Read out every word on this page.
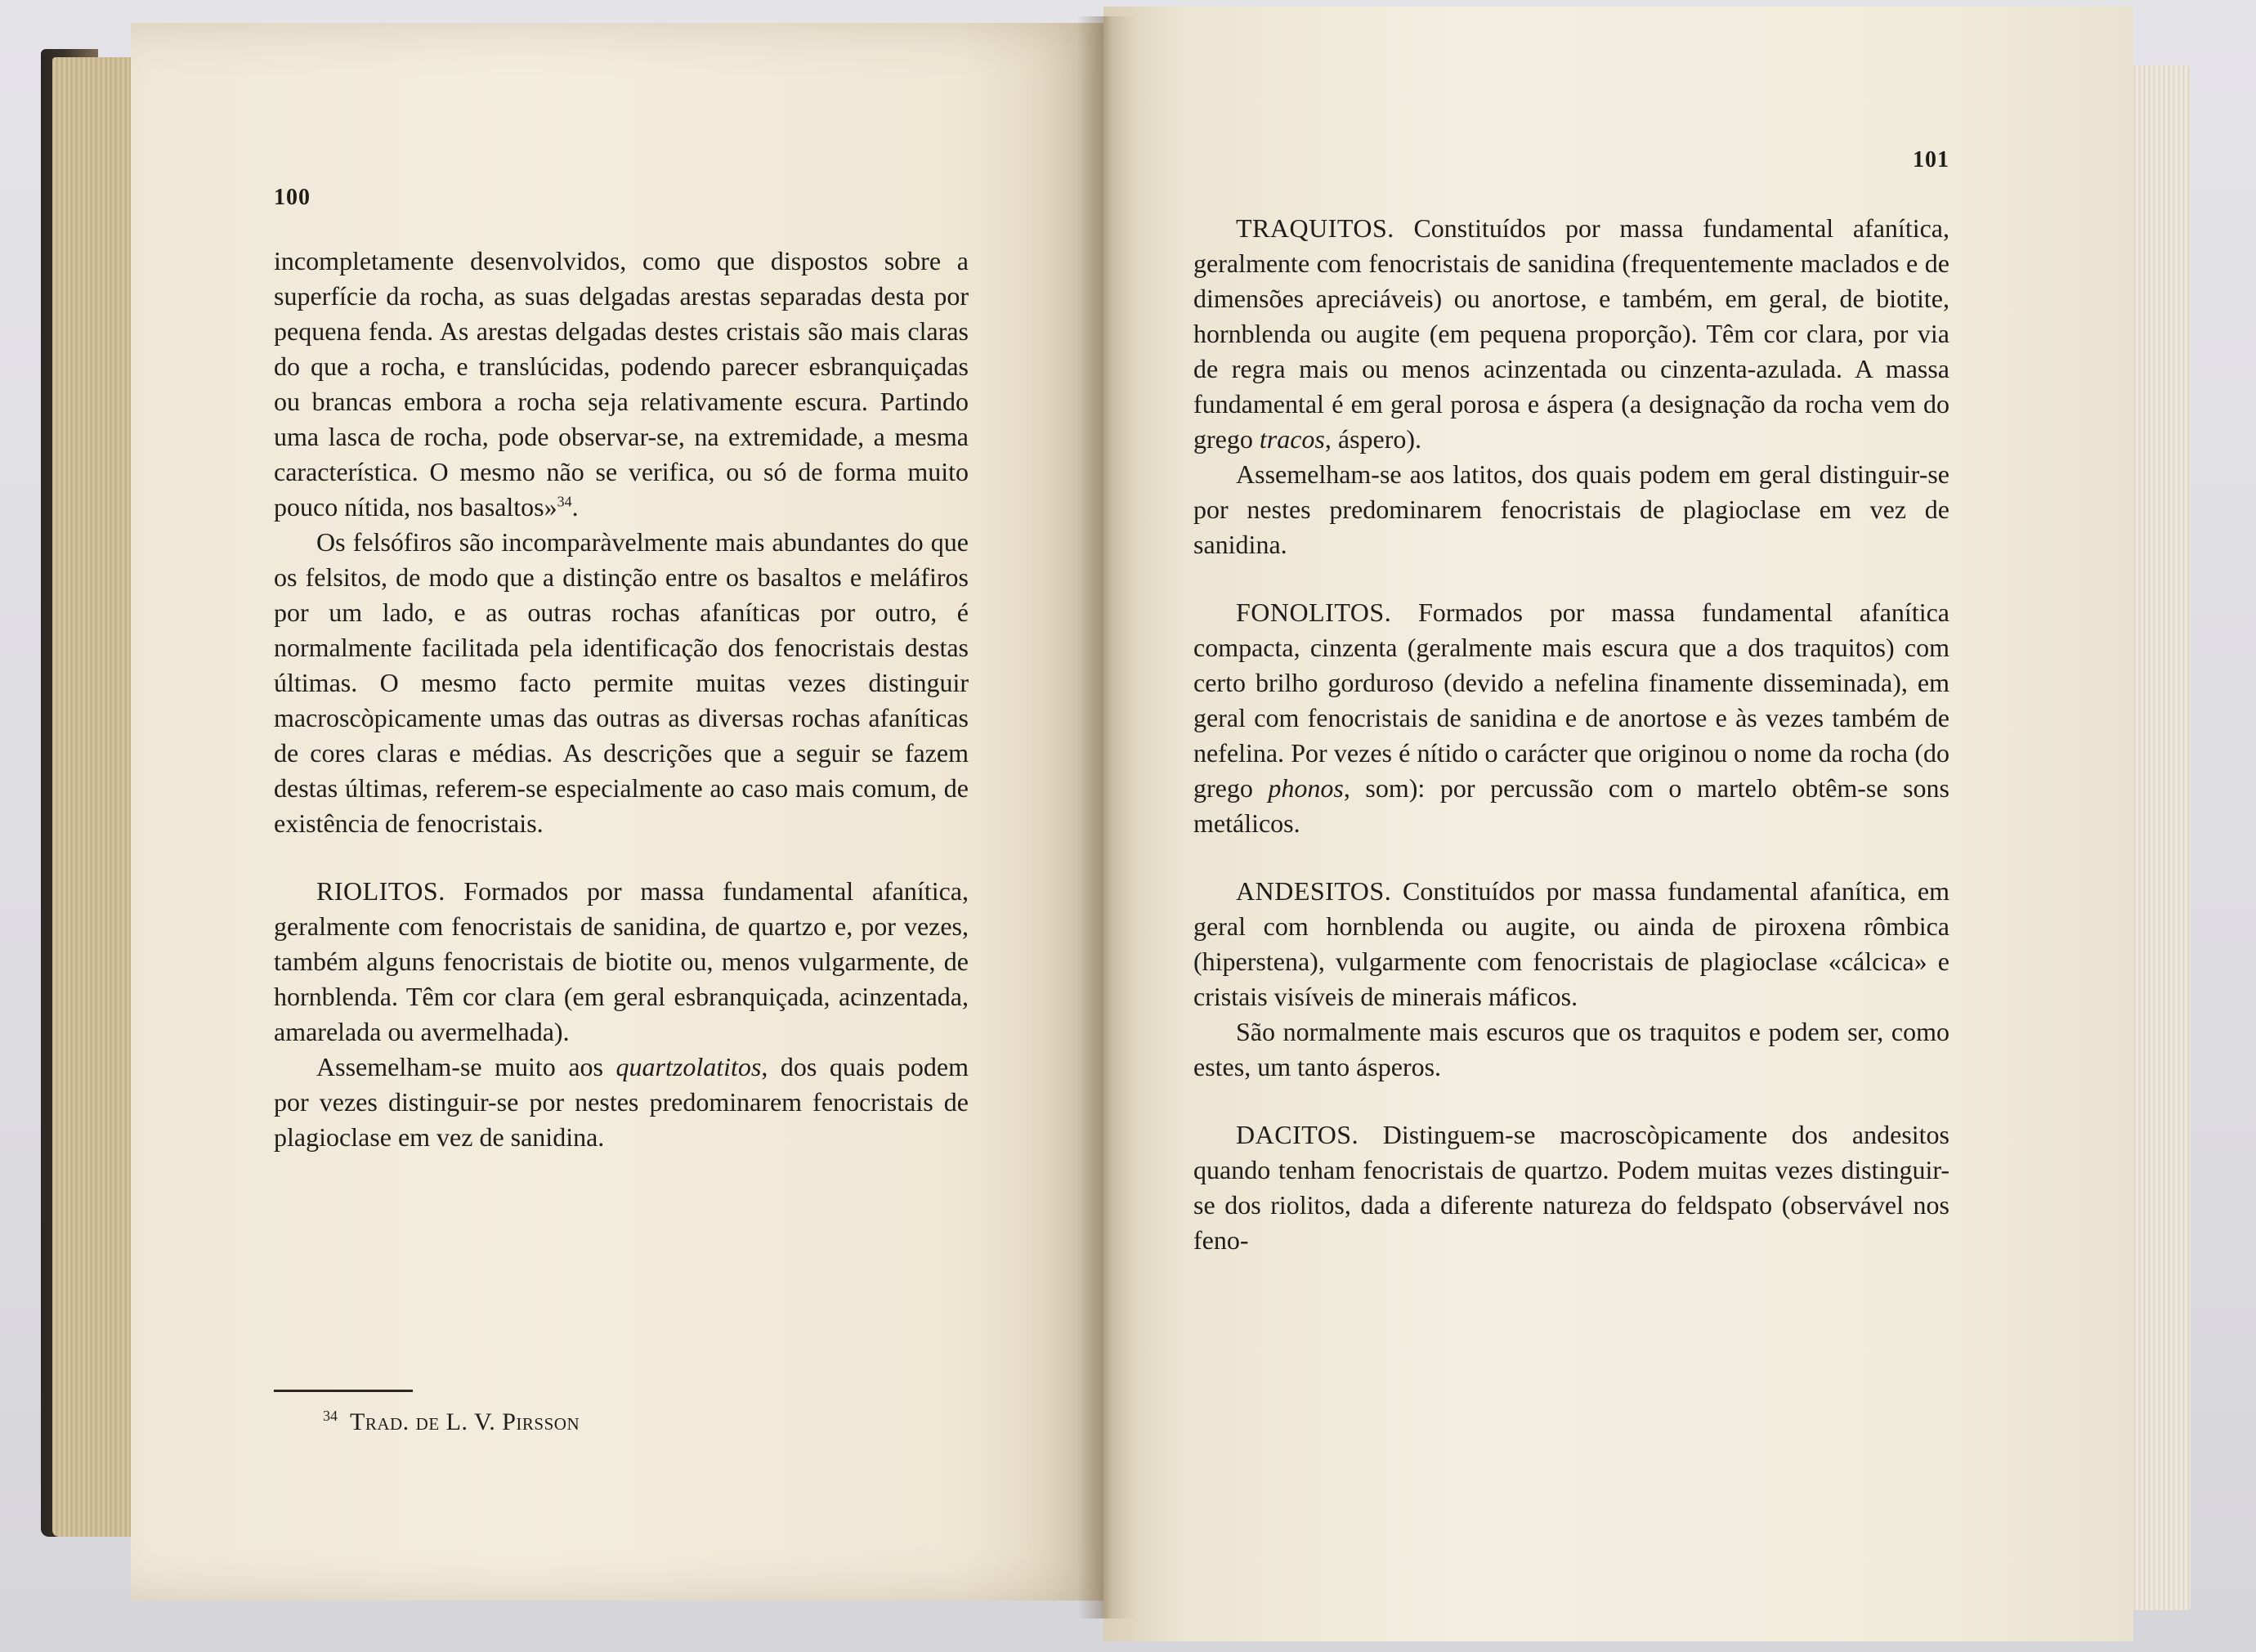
100

incompletamente desenvolvidos, como que dispostos sobre a superfície da rocha, as suas delgadas arestas separadas desta por pequena fenda. As arestas delgadas destes cristais são mais claras do que a rocha, e translúcidas, podendo parecer esbranquiçadas ou brancas embora a rocha seja relativamente escura. Partindo uma lasca de rocha, pode observar-se, na extremidade, a mesma característica. O mesmo não se verifica, ou só de forma muito pouco nítida, nos basaltos»$^{34}$.

Os felsófiros são incomparàvelmente mais abundantes do que os felsitos, de modo que a distinção entre os basaltos e meláfiros por um lado, e as outras rochas afaníticas por outro, é normalmente facilitada pela identificação dos fenocristais destas últimas. O mesmo facto permite muitas vezes distinguir macroscòpicamente umas das outras as diversas rochas afaníticas de cores claras e médias. As descrições que a seguir se fazem destas últimas, referem-se especialmente ao caso mais comum, de existência de fenocristais.

RIOLITOS. Formados por massa fundamental afanítica, geralmente com fenocristais de sanidina, de quartzo e, por vezes, também alguns fenocristais de biotite ou, menos vulgarmente, de hornblenda. Têm cor clara (em geral esbranquiçada, acinzentada, amarelada ou avermelhada).

Assemelham-se muito aos quartzolatitos, dos quais podem por vezes distinguir-se por nestes predominarem fenocristais de plagioclase em vez de sanidina.

$^{34}$ Trad. de L. V. Pirsson
101

TRAQUITOS. Constituídos por massa fundamental afanítica, geralmente com fenocristais de sanidina (frequentemente maclados e de dimensões apreciáveis) ou anortose, e também, em geral, de biotite, hornblenda ou augite (em pequena proporção). Têm cor clara, por via de regra mais ou menos acinzentada ou cinzenta-azulada. A massa fundamental é em geral porosa e áspera (a designação da rocha vem do grego tracos, áspero).

Assemelham-se aos latitos, dos quais podem em geral distinguir-se por nestes predominarem fenocristais de plagioclase em vez de sanidina.

FONOLITOS. Formados por massa fundamental afanítica compacta, cinzenta (geralmente mais escura que a dos traquitos) com certo brilho gorduroso (devido a nefelina finamente disseminada), em geral com fenocristais de sanidina e de anortose e às vezes também de nefelina. Por vezes é nítido o carácter que originou o nome da rocha (do grego phonos, som): por percussão com o martelo obtêm-se sons metálicos.

ANDESITOS. Constituídos por massa fundamental afanítica, em geral com hornblenda ou augite, ou ainda de piroxena rômbica (hiperstena), vulgarmente com fenocristais de plagioclase «cálcica» e cristais visíveis de minerais máficos.

São normalmente mais escuros que os traquitos e podem ser, como estes, um tanto ásperos.

DACITOS. Distinguem-se macroscòpicamente dos andesitos quando tenham fenocristais de quartzo. Podem muitas vezes distinguir-se dos riolitos, dada a diferente natureza do feldspato (observável nos feno-
